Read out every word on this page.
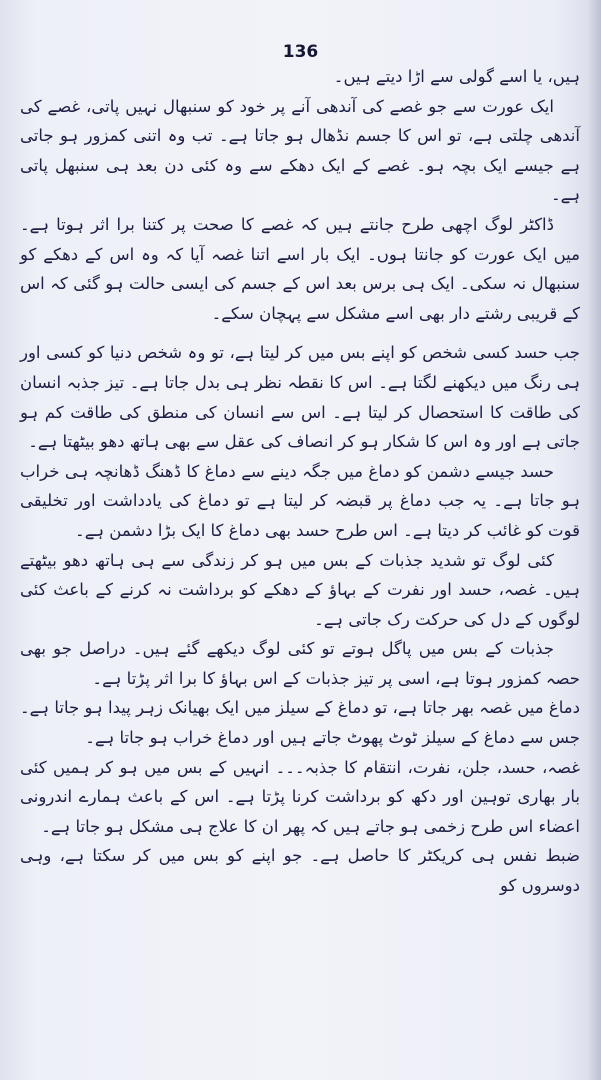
136

ہیں، یا اسے گولی سے اڑا دیتے ہیں۔

ایک عورت سے جو غصے کی آندھی آنے پر خود کو سنبھال نہیں پاتی، غصے کی آندھی چلتی ہے، تو اس کا جسم نڈھال ہو جاتا ہے۔ تب وہ اتنی کمزور ہو جاتی ہے جیسے ایک بچہ ہو۔ غصے کے ایک دھکے سے وہ کئی دن بعد ہی سنبھل پاتی ہے۔

ڈاکٹر لوگ اچھی طرح جانتے ہیں کہ غصے کا صحت پر کتنا برا اثر ہوتا ہے۔ میں ایک عورت کو جانتا ہوں۔ ایک بار اسے اتنا غصہ آیا کہ وہ اس کے دھکے کو سنبھال نہ سکی۔ ایک ہی برس بعد اس کے جسم کی ایسی حالت ہو گئی کہ اس کے قریبی رشتے دار بھی اسے مشکل سے پہچان سکے۔

جب حسد کسی شخص کو اپنے بس میں کر لیتا ہے، تو وہ شخص دنیا کو کسی اور ہی رنگ میں دیکھنے لگتا ہے۔ اس کا نقطہ نظر ہی بدل جاتا ہے۔ تیز جذبہ انسان کی طاقت کا استحصال کر لیتا ہے۔ اس سے انسان کی منطق کی طاقت کم ہو جاتی ہے اور وہ اس کا شکار ہو کر انصاف کی عقل سے بھی ہاتھ دھو بیٹھتا ہے۔

حسد جیسے دشمن کو دماغ میں جگہ دینے سے دماغ کا ڈھنگ ڈھانچہ ہی خراب ہو جاتا ہے۔ یہ جب دماغ پر قبضہ کر لیتا ہے تو دماغ کی یادداشت اور تخلیقی قوت کو غائب کر دیتا ہے۔ اس طرح حسد بھی دماغ کا ایک بڑا دشمن ہے۔

کئی لوگ تو شدید جذبات کے بس میں ہو کر زندگی سے ہی ہاتھ دھو بیٹھتے ہیں۔ غصہ، حسد اور نفرت کے بہاؤ کے دھکے کو برداشت نہ کرنے کے باعث کئی لوگوں کے دل کی حرکت رک جاتی ہے۔

جذبات کے بس میں پاگل ہوتے تو کئی لوگ دیکھے گئے ہیں۔ دراصل جو بھی حصہ کمزور ہوتا ہے، اسی پر تیز جذبات کے اس بہاؤ کا برا اثر پڑتا ہے۔

دماغ میں غصہ بھر جاتا ہے، تو دماغ کے سیلز میں ایک بھیانک زہر پیدا ہو جاتا ہے۔ جس سے دماغ کے سیلز ٹوٹ پھوٹ جاتے ہیں اور دماغ خراب ہو جاتا ہے۔

غصہ، حسد، جلن، نفرت، انتقام کا جذبہ۔۔۔ انہیں کے بس میں ہو کر ہمیں کئی بار بھاری توہین اور دکھ کو برداشت کرنا پڑتا ہے۔ اس کے باعث ہمارے اندرونی اعضاء اس طرح زخمی ہو جاتے ہیں کہ پھر ان کا علاج ہی مشکل ہو جاتا ہے۔

ضبط نفس ہی کریکٹر کا حاصل ہے۔ جو اپنے کو بس میں کر سکتا ہے، وہی دوسروں کو
